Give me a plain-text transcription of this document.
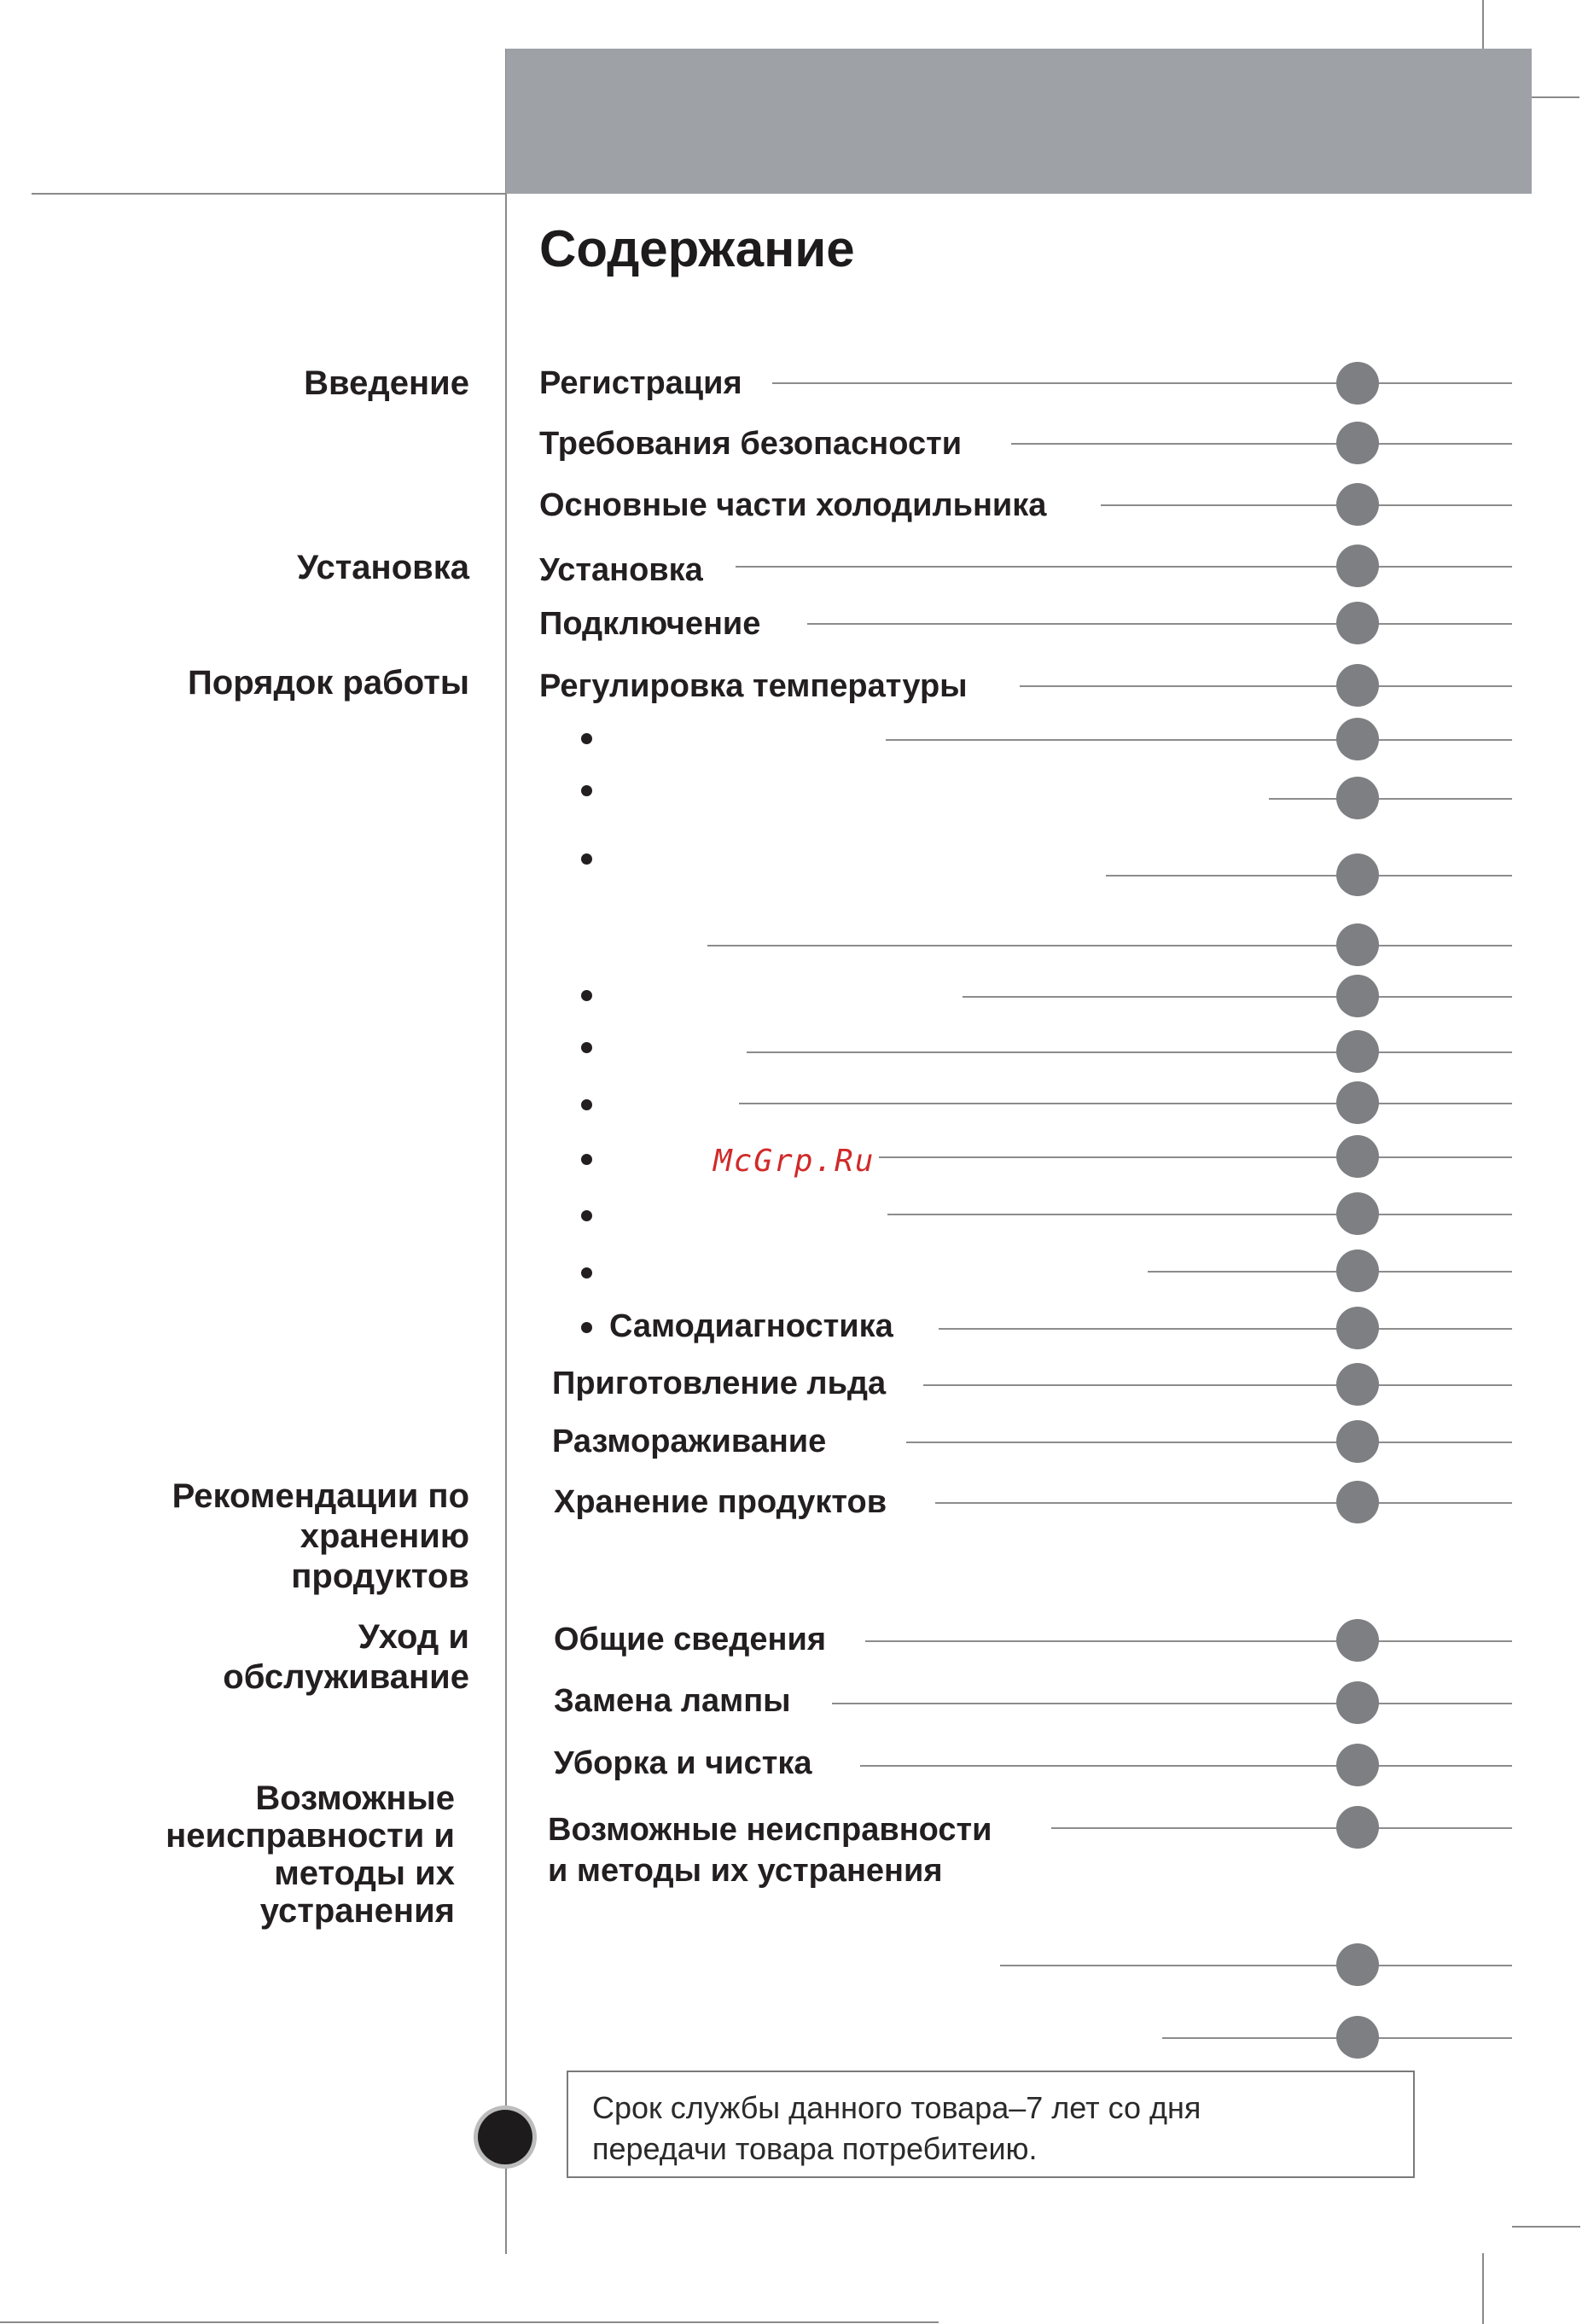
Содержание
Введение
Установка
Порядок работы
Рекомендации по
хранению
продуктов
Уход и
обслуживание
Возможные
неисправности и
методы их
устранения
Регистрация
Требования безопасности
Основные части холодильника
Установка
Подключение
Регулировка температуры
Самодиагностика
Приготовление льда
Размораживание
Хранение продуктов
Общие сведения
Замена лампы
Уборка и чистка
Возможные неисправности
и методы их устранения
McGrp.Ru
Срок службы данного товара–7 лет со дня
передачи товара потребитеию.
